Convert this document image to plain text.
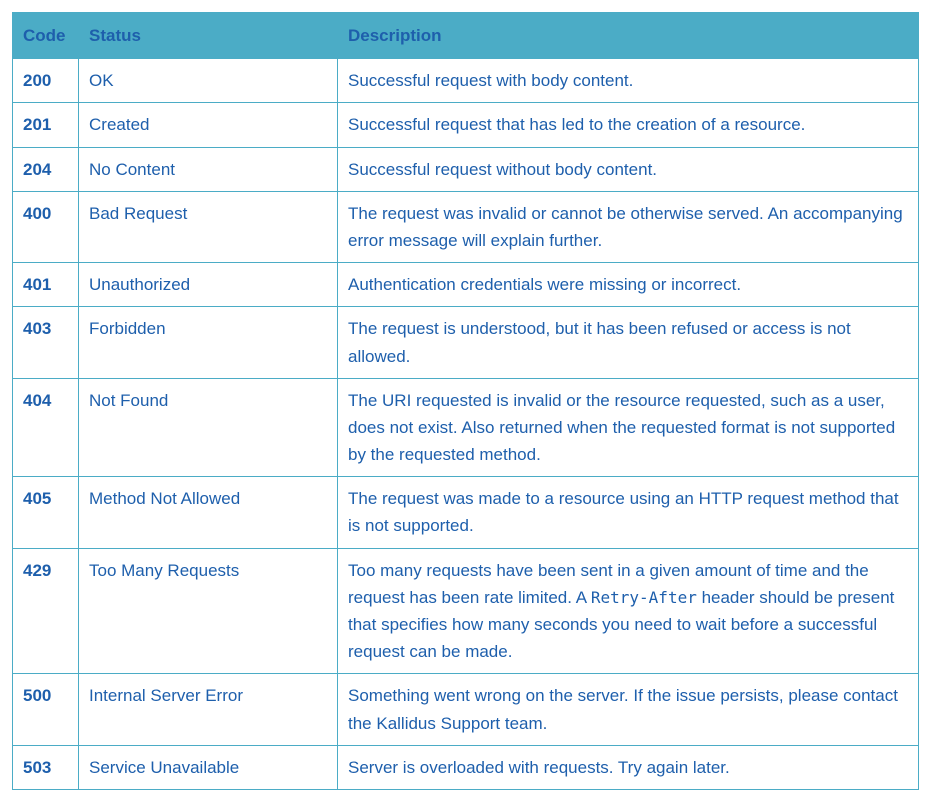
Code	Status	Description
200	OK	Successful request with body content.
201	Created	Successful request that has led to the creation of a resource.
204	No Content	Successful request without body content.
400	Bad Request	The request was invalid or cannot be otherwise served. An accompanying error message will explain further.
401	Unauthorized	Authentication credentials were missing or incorrect.
403	Forbidden	The request is understood, but it has been refused or access is not allowed.
404	Not Found	The URI requested is invalid or the resource requested, such as a user, does not exist. Also returned when the requested format is not supported by the requested method.
405	Method Not Allowed	The request was made to a resource using an HTTP request method that is not supported.
429	Too Many Requests	Too many requests have been sent in a given amount of time and the request has been rate limited. A Retry-After header should be present that specifies how many seconds you need to wait before a successful request can be made.
500	Internal Server Error	Something went wrong on the server. If the issue persists, please contact the Kallidus Support team.
503	Service Unavailable	Server is overloaded with requests. Try again later.
